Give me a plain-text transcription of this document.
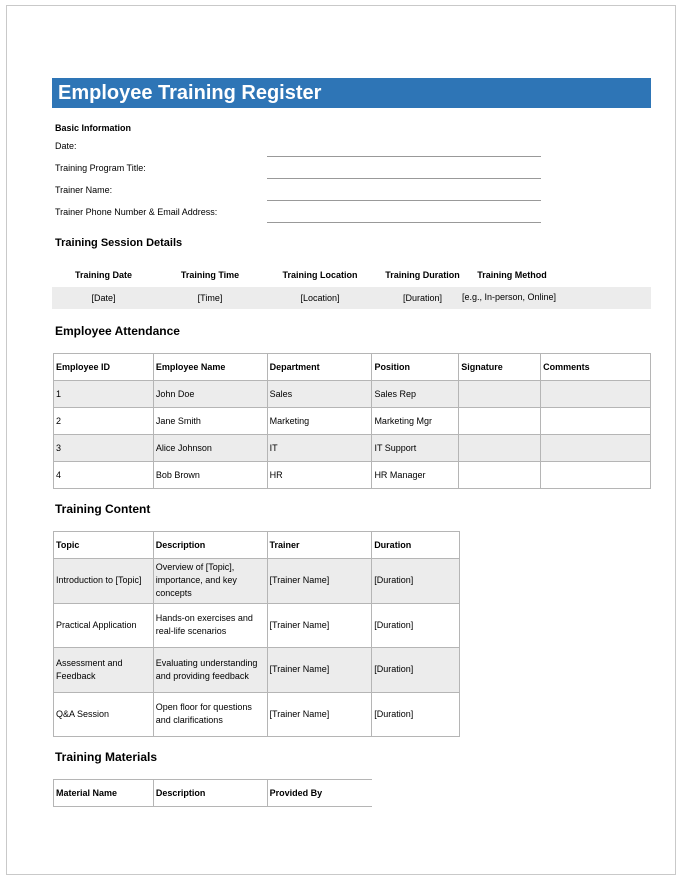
Employee Training Register
Basic Information
Date:
Training Program Title:
Trainer Name:
Trainer Phone Number & Email Address:
Training Session Details
Training Date	Training Time	Training Location	Training Duration	Training Method
[Date]	[Time]	[Location]	[Duration]	[e.g., In-person, Online]
Employee Attendance
Employee ID	Employee Name	Department	Position	Signature	Comments
1	John Doe	Sales	Sales Rep		
2	Jane Smith	Marketing	Marketing Mgr		
3	Alice Johnson	IT	IT Support		
4	Bob Brown	HR	HR Manager		
Training Content
Topic	Description	Trainer	Duration
Introduction to [Topic]	Overview of [Topic], importance, and key concepts	[Trainer Name]	[Duration]
Practical Application	Hands-on exercises and real-life scenarios	[Trainer Name]	[Duration]
Assessment and Feedback	Evaluating understanding and providing feedback	[Trainer Name]	[Duration]
Q&A Session	Open floor for questions and clarifications	[Trainer Name]	[Duration]
Training Materials
Material Name	Description	Provided By
